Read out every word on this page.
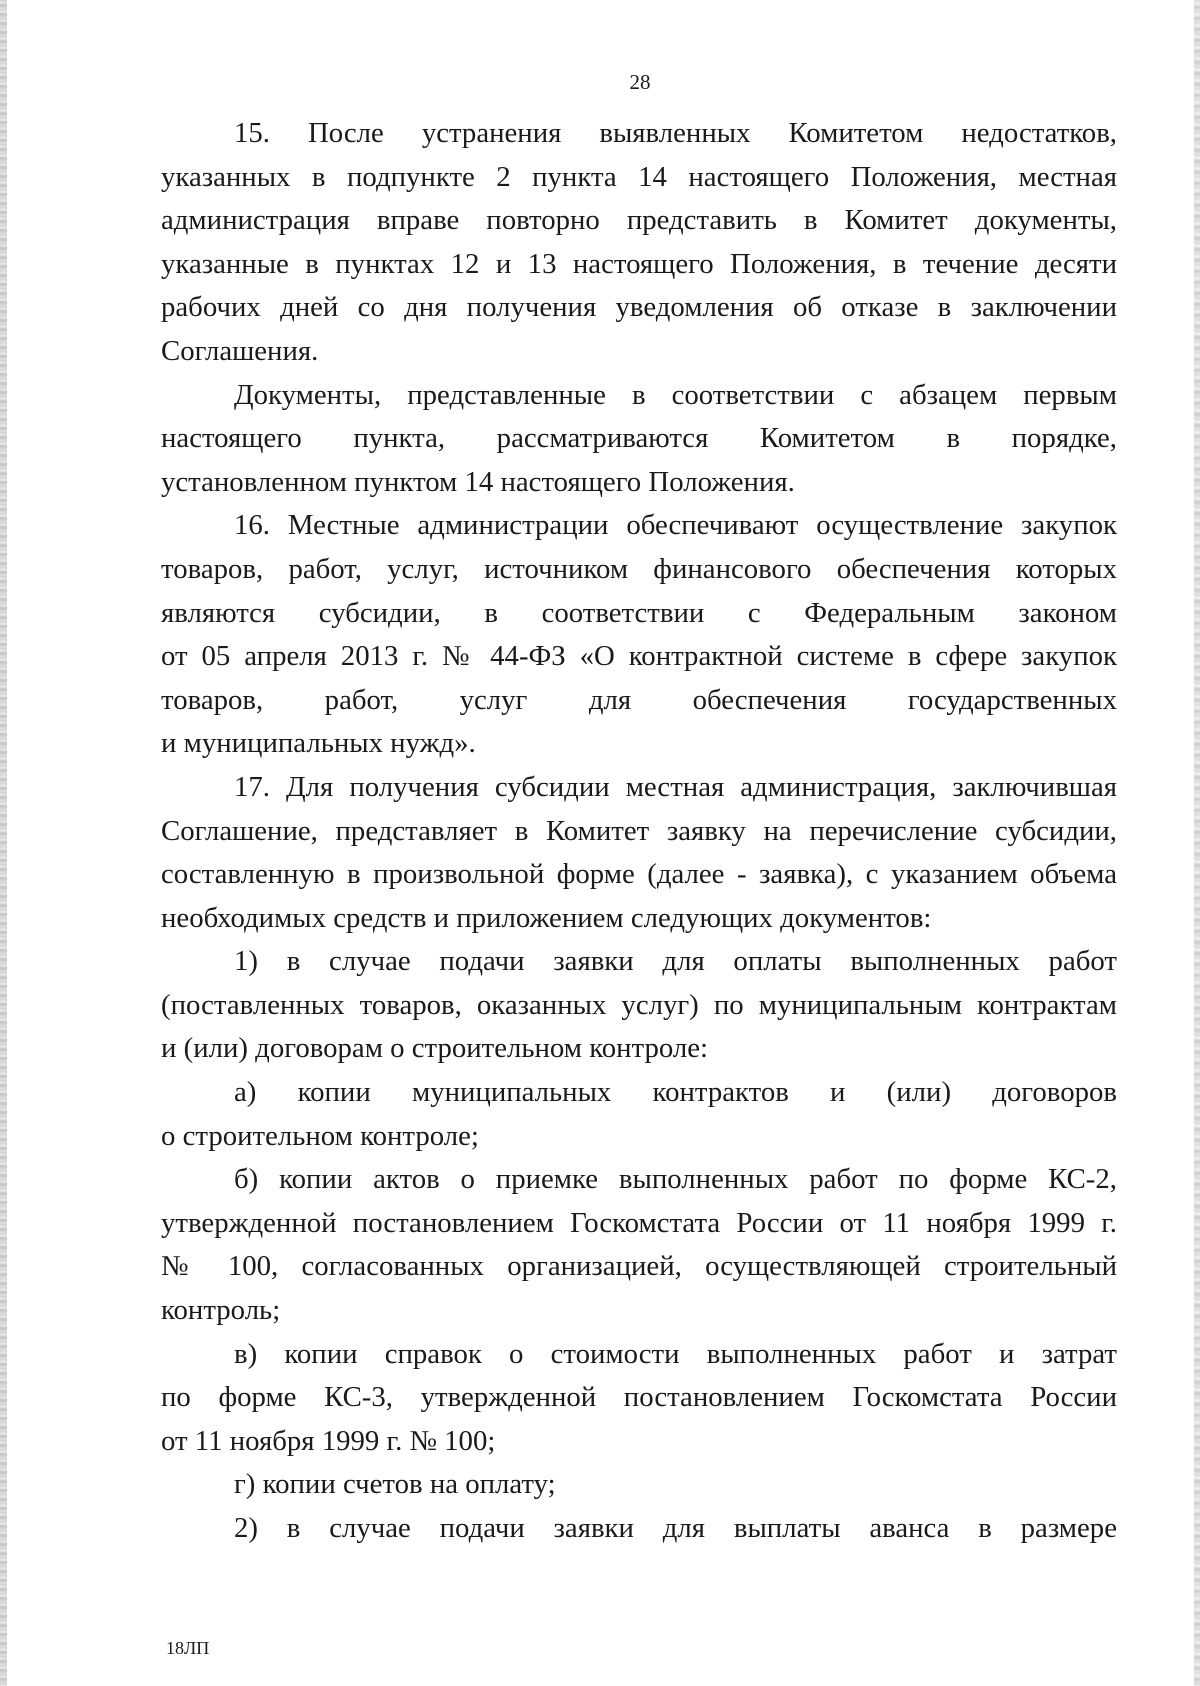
28
15. После устранения выявленных Комитетом недостатков,
указанных в подпункте 2 пункта 14 настоящего Положения, местная
администрация вправе повторно представить в Комитет документы,
указанные в пунктах 12 и 13 настоящего Положения, в течение десяти
рабочих дней со дня получения уведомления об отказе в заключении
Соглашения.
Документы, представленные в соответствии с абзацем первым
настоящего пункта, рассматриваются Комитетом в порядке,
установленном пунктом 14 настоящего Положения.
16. Местные администрации обеспечивают осуществление закупок
товаров, работ, услуг, источником финансового обеспечения которых
являются субсидии, в соответствии с Федеральным законом
от 05 апреля 2013 г. № 44-ФЗ «О контрактной системе в сфере закупок
товаров, работ, услуг для обеспечения государственных
и муниципальных нужд».
17. Для получения субсидии местная администрация, заключившая
Соглашение, представляет в Комитет заявку на перечисление субсидии,
составленную в произвольной форме (далее - заявка), с указанием объема
необходимых средств и приложением следующих документов:
1) в случае подачи заявки для оплаты выполненных работ
(поставленных товаров, оказанных услуг) по муниципальным контрактам
и (или) договорам о строительном контроле:
а) копии муниципальных контрактов и (или) договоров
о строительном контроле;
б) копии актов о приемке выполненных работ по форме КС-2,
утвержденной постановлением Госкомстата России от 11 ноября 1999 г.
№ 100, согласованных организацией, осуществляющей строительный
контроль;
в) копии справок о стоимости выполненных работ и затрат
по форме КС-3, утвержденной постановлением Госкомстата России
от 11 ноября 1999 г. № 100;
г) копии счетов на оплату;
2) в случае подачи заявки для выплаты аванса в размере
18ЛП
